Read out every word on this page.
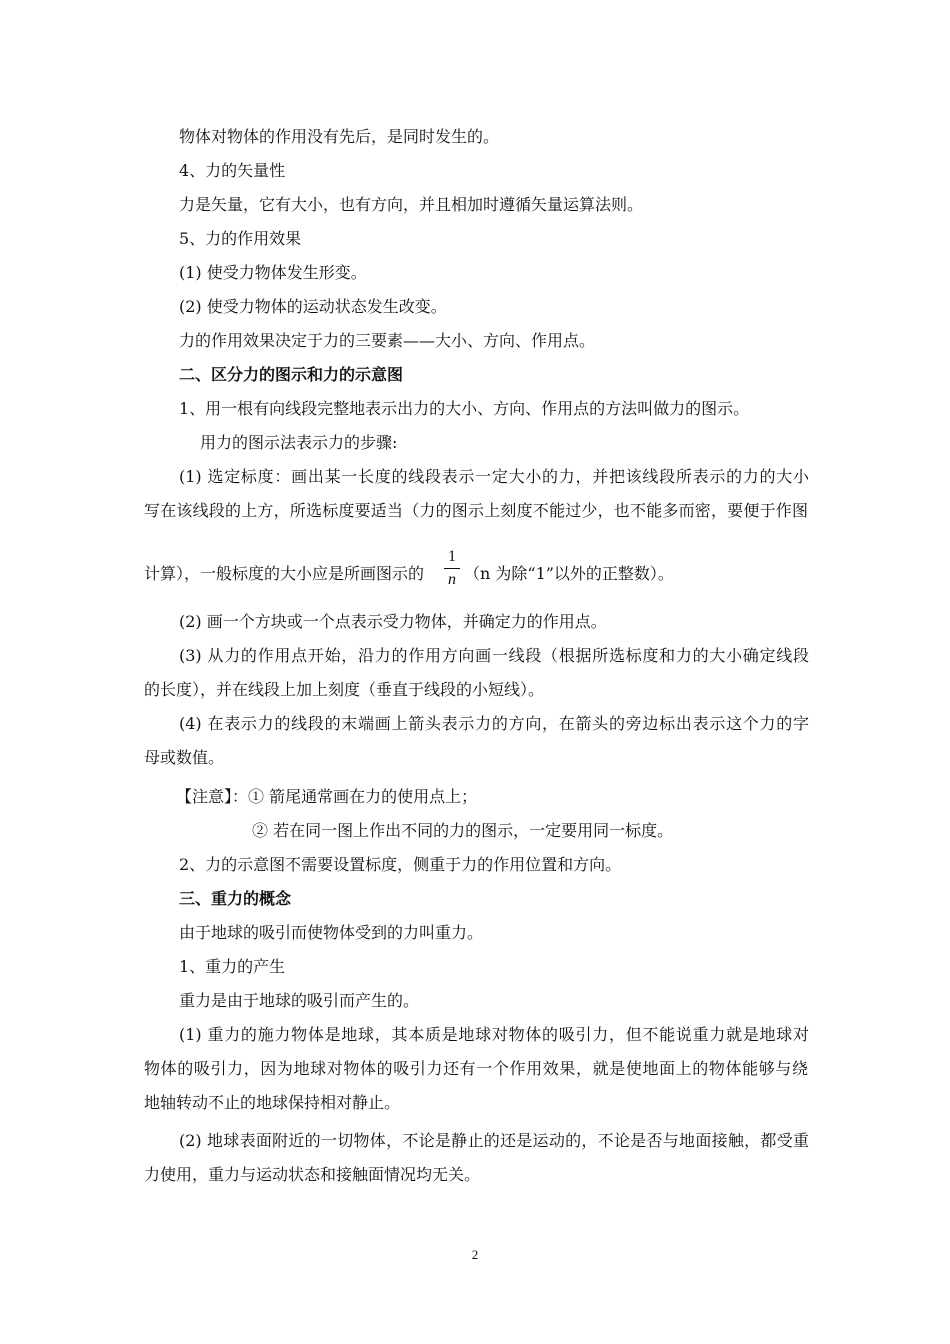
物体对物体的作用没有先后，是同时发生的。
4、力的矢量性
力是矢量，它有大小，也有方向，并且相加时遵循矢量运算法则。
5、力的作用效果
(1) 使受力物体发生形变。
(2) 使受力物体的运动状态发生改变。
力的作用效果决定于力的三要素——大小、方向、作用点。
二、区分力的图示和力的示意图
1、用一根有向线段完整地表示出力的大小、方向、作用点的方法叫做力的图示。
用力的图示法表示力的步骤:
(1) 选定标度：画出某一长度的线段表示一定大小的力，并把该线段所表示的力的大小
写在该线段的上方，所选标度要适当（力的图示上刻度不能过少，也不能多而密，要便于作图
计算），一般标度的大小应是所画图示的
1
n （n 为除“1”以外的正整数）。
(2) 画一个方块或一个点表示受力物体，并确定力的作用点。
(3) 从力的作用点开始，沿力的作用方向画一线段（根据所选标度和力的大小确定线段
的长度），并在线段上加上刻度（垂直于线段的小短线）。
(4) 在表示力的线段的末端画上箭头表示力的方向，在箭头的旁边标出表示这个力的字
母或数值。
【注意】：① 箭尾通常画在力的使用点上；
② 若在同一图上作出不同的力的图示，一定要用同一标度。
2、力的示意图不需要设置标度，侧重于力的作用位置和方向。
三、重力的概念
由于地球的吸引而使物体受到的力叫重力。
1、重力的产生
重力是由于地球的吸引而产生的。
(1) 重力的施力物体是地球，其本质是地球对物体的吸引力，但不能说重力就是地球对
物体的吸引力，因为地球对物体的吸引力还有一个作用效果，就是使地面上的物体能够与绕
地轴转动不止的地球保持相对静止。
(2) 地球表面附近的一切物体，不论是静止的还是运动的，不论是否与地面接触，都受重
力使用，重力与运动状态和接触面情况均无关。
2
